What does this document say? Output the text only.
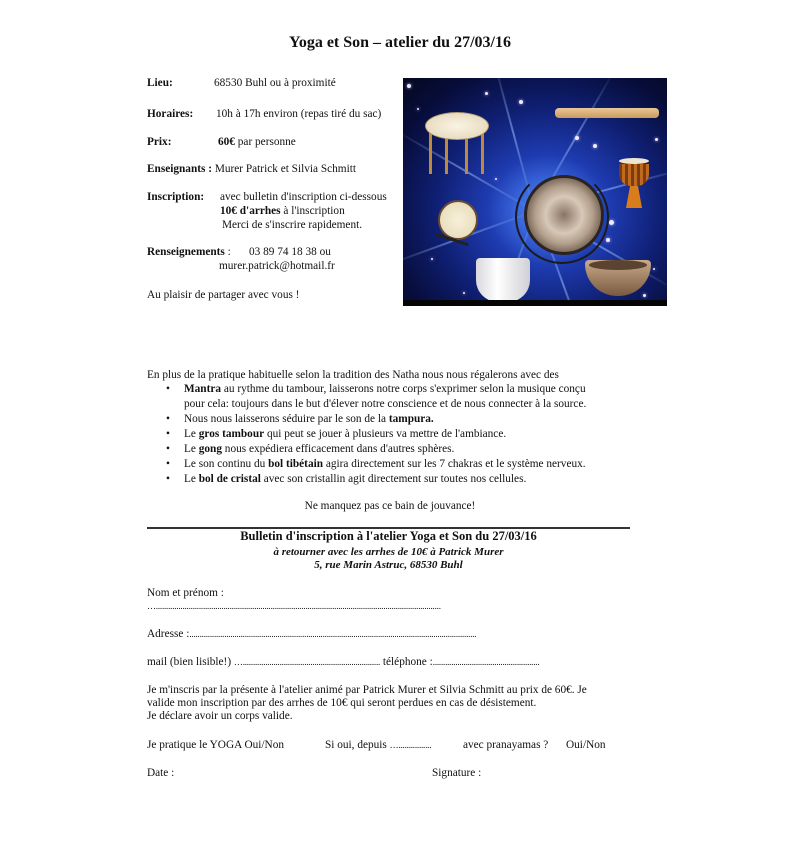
Yoga et Son – atelier du 27/03/16
Lieu:	68530 Buhl ou à proximité
Horaires: 10h à 17h environ (repas tiré du sac)
Prix:	60€ par personne
Enseignants : Murer Patrick et Silvia Schmitt
Inscription: avec bulletin d'inscription ci-dessous
10€ d'arrhes à l'inscription
Merci de s'inscrire rapidement.
Renseignements : 03 89 74 18 38 ou
murer.patrick@hotmail.fr
Au plaisir de partager avec vous !
En plus de la pratique habituelle selon la tradition des Natha nous nous régalerons avec des
• Mantra au rythme du tambour, laisserons notre corps s'exprimer selon la musique conçu
pour cela: toujours dans le but d'élever notre conscience et de nous connecter à la source.
• Nous nous laisserons séduire par le son de la tampura.
• Le gros tambour qui peut se jouer à plusieurs va mettre de l'ambiance.
• Le gong nous expédiera efficacement dans d'autres sphères.
• Le son continu du bol tibétain agira directement sur les 7 chakras et le système nerveux.
• Le bol de cristal avec son cristallin agit directement sur toutes nos cellules.
Ne manquez pas ce bain de jouvance!
Bulletin d'inscription à l'atelier Yoga et Son du 27/03/16
à retourner avec les arrhes de 10€ à Patrick Murer
5, rue Marin Astruc, 68530 Buhl
Nom et prénom :
…...........................................................................................................................................
Adresse :............................................................................................................................................
mail (bien lisible!) …................................................................... téléphone :....................................................
Je m'inscris par la présente à l'atelier animé par Patrick Murer et Silvia Schmitt au prix de 60€. Je
valide mon inscription par des arrhes de 10€ qui seront perdues en cas de désistement.
Je déclare avoir un corps valide.
Je pratique le YOGA Oui/Non	Si oui, depuis …................	avec pranayamas ? Oui/Non
Date :	Signature :
